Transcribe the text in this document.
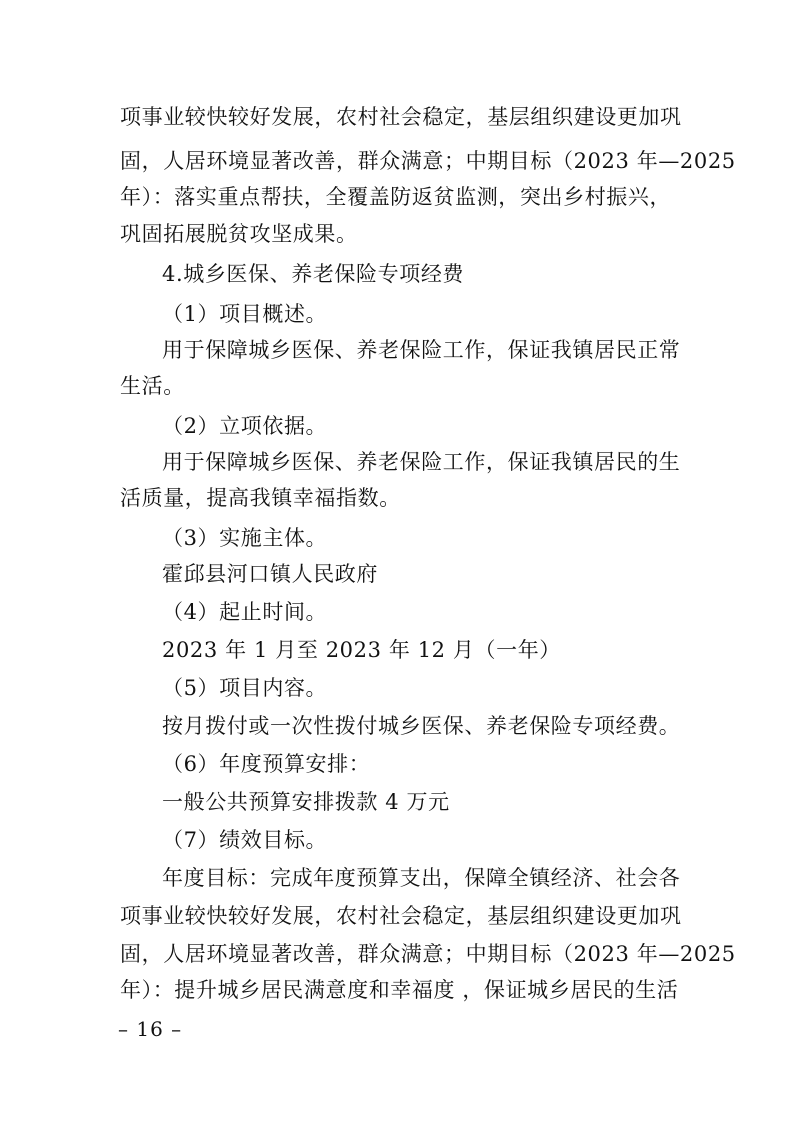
项事业较快较好发展，农村社会稳定，基层组织建设更加巩
固，人居环境显著改善，群众满意；中期目标（2023 年—2025
年）：落实重点帮扶，全覆盖防返贫监测，突出乡村振兴，
巩固拓展脱贫攻坚成果。
4.城乡医保、养老保险专项经费
（1）项目概述。
用于保障城乡医保、养老保险工作，保证我镇居民正常
生活。
（2）立项依据。
用于保障城乡医保、养老保险工作，保证我镇居民的生
活质量，提高我镇幸福指数。
（3）实施主体。
霍邱县河口镇人民政府
（4）起止时间。
2023 年 1 月至 2023 年 12 月（一年）
（5）项目内容。
按月拨付或一次性拨付城乡医保、养老保险专项经费。
（6）年度预算安排：
一般公共预算安排拨款 4 万元
（7）绩效目标。
年度目标：完成年度预算支出，保障全镇经济、社会各
项事业较快较好发展，农村社会稳定，基层组织建设更加巩
固，人居环境显著改善，群众满意；中期目标（2023 年—2025
年）：提升城乡居民满意度和幸福度 ，保证城乡居民的生活
– 16 –
